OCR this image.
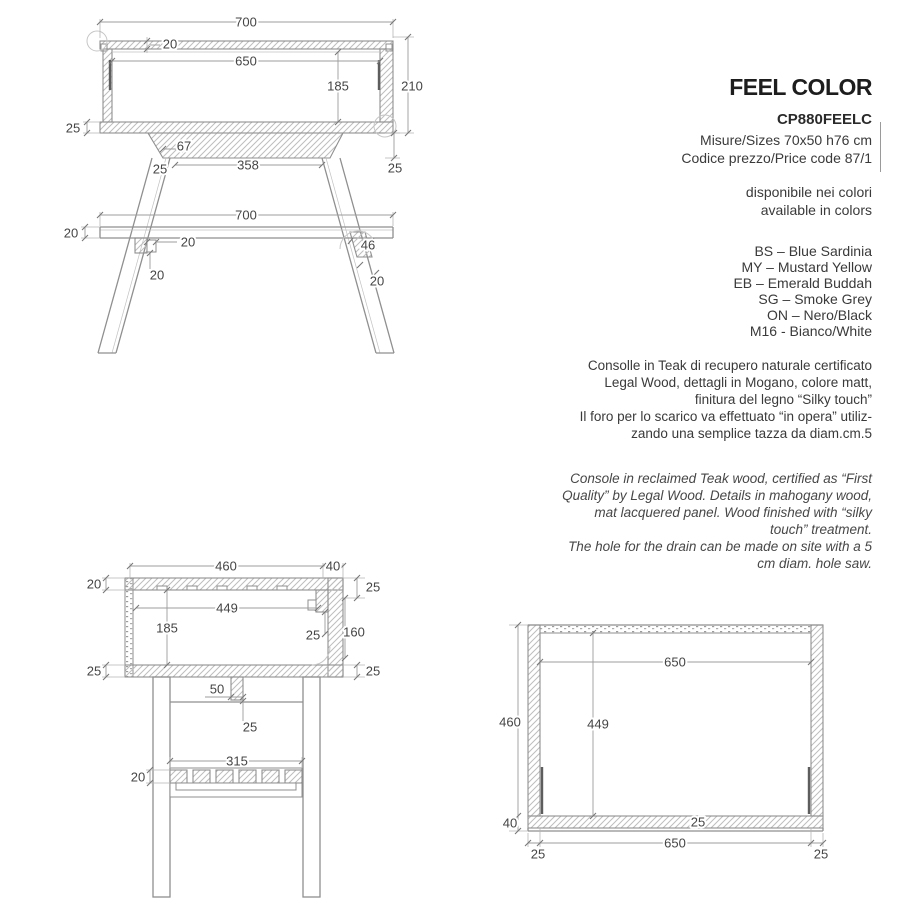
700
20
650
185	210
25
67
358
25	25
700
20
20
20
46
20
460	40
20	25
449
185	25 160
25	25
50
25
315
20
650
449
460
40	25
650
25	25
FEEL COLOR
CP880FEELC
Misure/Sizes 70x50 h76 cm
Codice prezzo/Price code 87/1
disponibile nei colori
available in colors
BS – Blue Sardinia
MY – Mustard Yellow
EB – Emerald Buddah
SG – Smoke Grey
ON – Nero/Black
M16 - Bianco/White
Consolle in Teak di recupero naturale certificato
Legal Wood, dettagli in Mogano, colore matt,
finitura del legno “Silky touch”
Il foro per lo scarico va effettuato “in opera” utiliz-
zando una semplice tazza da diam.cm.5
Console in reclaimed Teak wood, certified as “First
Quality” by Legal Wood. Details in mahogany wood,
mat lacquered panel. Wood finished with “silky
touch” treatment.
The hole for the drain can be made on site with a 5
cm diam. hole saw.
